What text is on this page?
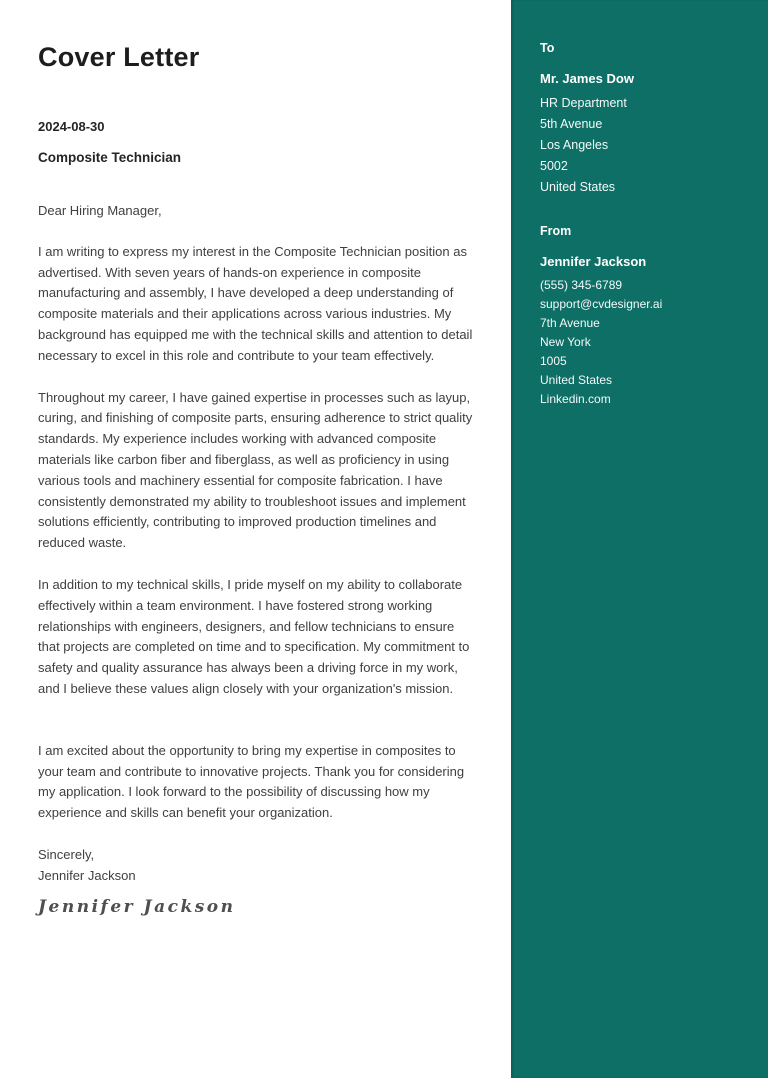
Cover Letter
2024-08-30
Composite Technician
Dear Hiring Manager,

I am writing to express my interest in the Composite Technician position as advertised. With seven years of hands-on experience in composite manufacturing and assembly, I have developed a deep understanding of composite materials and their applications across various industries. My background has equipped me with the technical skills and attention to detail necessary to excel in this role and contribute to your team effectively.

Throughout my career, I have gained expertise in processes such as layup, curing, and finishing of composite parts, ensuring adherence to strict quality standards. My experience includes working with advanced composite materials like carbon fiber and fiberglass, as well as proficiency in using various tools and machinery essential for composite fabrication. I have consistently demonstrated my ability to troubleshoot issues and implement solutions efficiently, contributing to improved production timelines and reduced waste.

In addition to my technical skills, I pride myself on my ability to collaborate effectively within a team environment. I have fostered strong working relationships with engineers, designers, and fellow technicians to ensure that projects are completed on time and to specification. My commitment to safety and quality assurance has always been a driving force in my work, and I believe these values align closely with your organization's mission.

I am excited about the opportunity to bring my expertise in composites to your team and contribute to innovative projects. Thank you for considering my application. I look forward to the possibility of discussing how my experience and skills can benefit your organization.

Sincerely,
Jennifer Jackson
Jennifer Jackson
To
Mr. James Dow
HR Department
5th Avenue
Los Angeles
5002
United States
From
Jennifer Jackson
(555) 345-6789
support@cvdesigner.ai
7th Avenue
New York
1005
United States
Linkedin.com
